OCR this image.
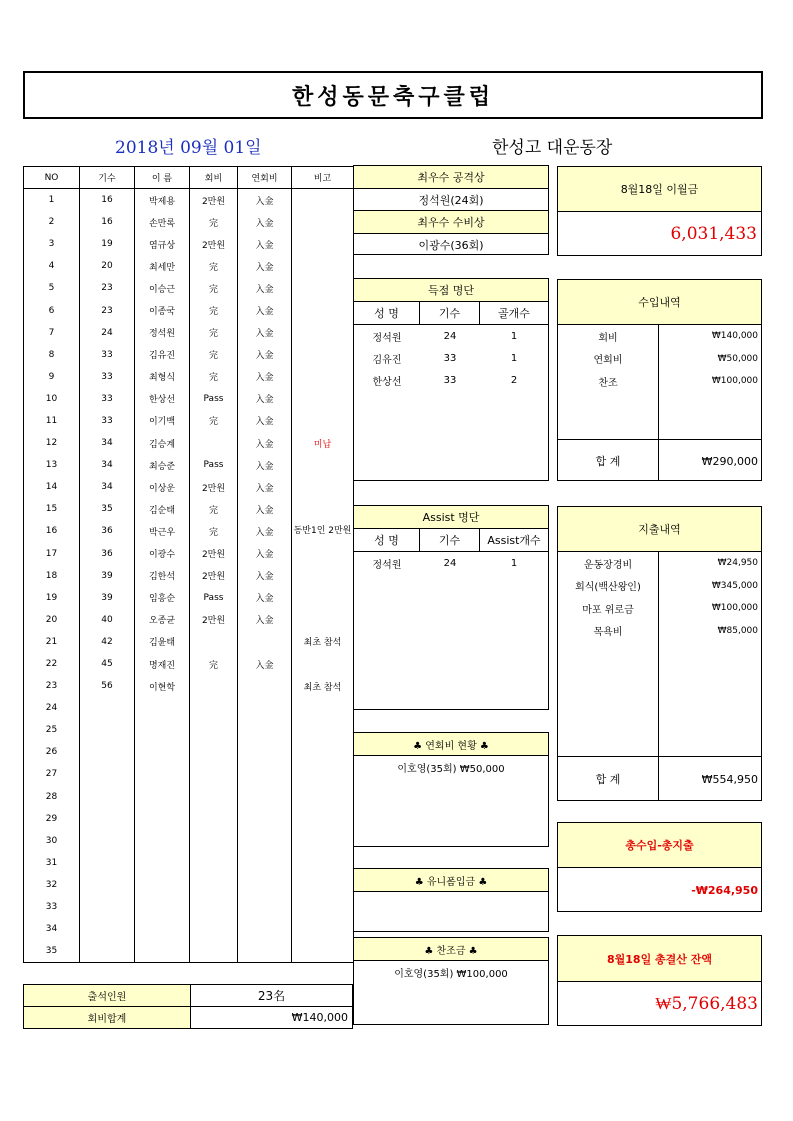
한성동문축구클럽
2018년 09월 01일	한성고 대운동장
NO	기수	이 름	회비	연회비	비고
1	16	박제용	2만원	入金	
2	16	손만록	完	入金	
3	19	염규상	2만원	入金	
4	20	최세만	完	入金	
5	23	이승근	完	入金	
6	23	이종국	完	入金	
7	24	정석원	完	入金	
8	33	김유진	完	入金	
9	33	최형식	完	入金	
10	33	한상선	Pass	入金	
11	33	이기백	完	入金	
12	34	김승계		入金	미납
13	34	최승준	Pass	入金	
14	34	이상운	2만원	入金	
15	35	김순태	完	入金	
16	36	박근우	完	入金	동반1인 2만원
17	36	이광수	2만원	入金	
18	39	김한석	2만원	入金	
19	39	임흥순	Pass	入金	
20	40	오종균	2만원	入金	
21	42	김윤태			최초 참석
22	45	명재진	完	入金	
23	56	이현학			최초 참석
24					
25					
26					
27					
28					
29					
30					
31					
32					
33					
34					
35					
출석인원	23名
회비합계	₩140,000
최우수 공격상
정석원(24회)
최우수 수비상
이광수(36회)
득점 명단
성 명	기수	골개수
정석원	24	1
김유진	33	1
한상선	33	2
Assist 명단
성 명	기수	Assist개수
정석원	24	1
♣ 연회비 현황 ♣
이호영(35회) ₩50,000
♣ 유니폼입금 ♣
♣ 찬조금 ♣
이호영(35회) ₩100,000
8월18일 이월금
6,031,433
수입내역
회비	₩140,000
연회비	₩50,000
찬조	₩100,000
합 계	₩290,000
지출내역
운동장경비	₩24,950
회식(백산왕인)	₩345,000
마포 위로금	₩100,000
목욕비	₩85,000
합 계	₩554,950
총수입-총지출
-₩264,950
8월18일 총결산 잔액
₩5,766,483
